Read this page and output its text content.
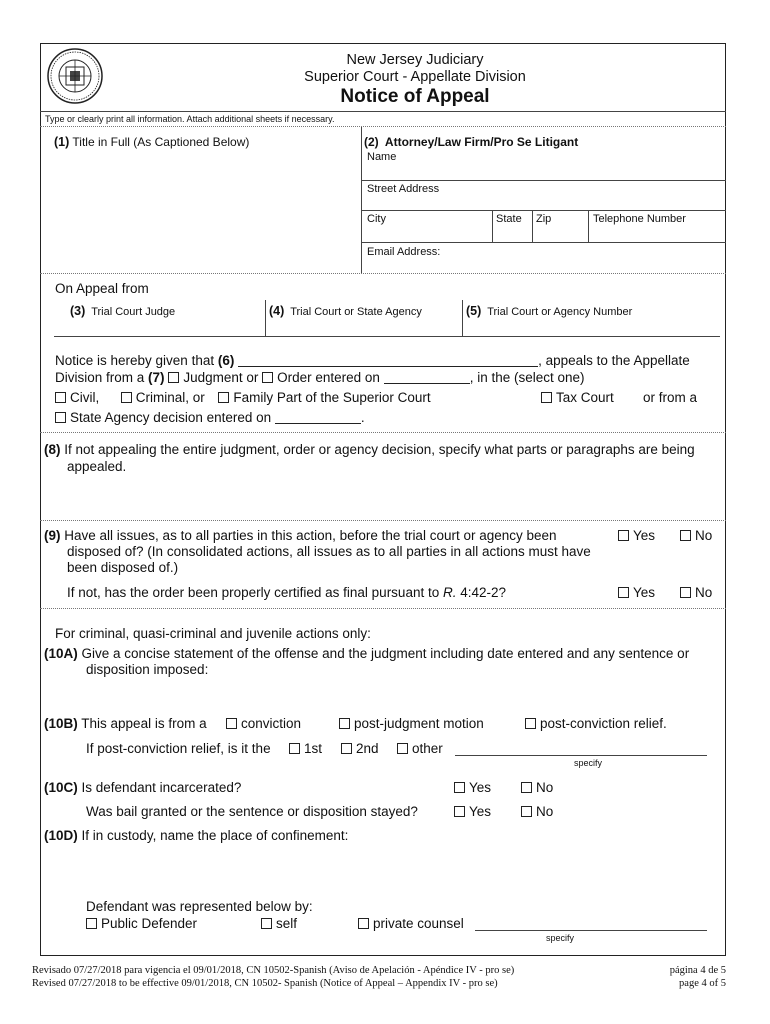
New Jersey Judiciary
Superior Court - Appellate Division
Notice of Appeal
Type or clearly print all information. Attach additional sheets if necessary.
(1) Title in Full (As Captioned Below)	(2) Attorney/Law Firm/Pro Se Litigant
Name
Street Address
City	State Zip	Telephone Number
Email Address:
On Appeal from
(3) Trial Court Judge	(4) Trial Court or State Agency	(5) Trial Court or Agency Number
Notice is hereby given that (6)	, appeals to the Appellate
Division from a (7) Judgment or Order entered on	, in the (select one)
Civil,	Criminal, or Family Part of the Superior Court	Tax Court or from a
State Agency decision entered on	.
(8) If not appealing the entire judgment, order or agency decision, specify what parts or paragraphs are being
appealed.
(9) Have all issues, as to all parties in this action, before the trial court or agency been
disposed of? (In consolidated actions, all issues as to all parties in all actions must have
been disposed of.)
Yes	No
If not, has the order been properly certified as final pursuant to R. 4:42-2?	Yes	No
For criminal, quasi-criminal and juvenile actions only:
(10A) Give a concise statement of the offense and the judgment including date entered and any sentence or
disposition imposed:
(10B) This appeal is from a	conviction	post-judgment motion	post-conviction relief.
If post-conviction relief, is it the	1st	2nd	other
specify
(10C) Is defendant incarcerated?	Yes	No
Was bail granted or the sentence or disposition stayed?	Yes	No
(10D) If in custody, name the place of confinement:
Defendant was represented below by:
Public Defender	self	private counsel
specify
Revisado 07/27/2018 para vigencia el 09/01/2018, CN 10502-Spanish (Aviso de Apelación - Apéndice IV - pro se)
Revised 07/27/2018 to be effective 09/01/2018, CN 10502- Spanish (Notice of Appeal – Appendix IV - pro se)
página 4 de 5
page 4 of 5
